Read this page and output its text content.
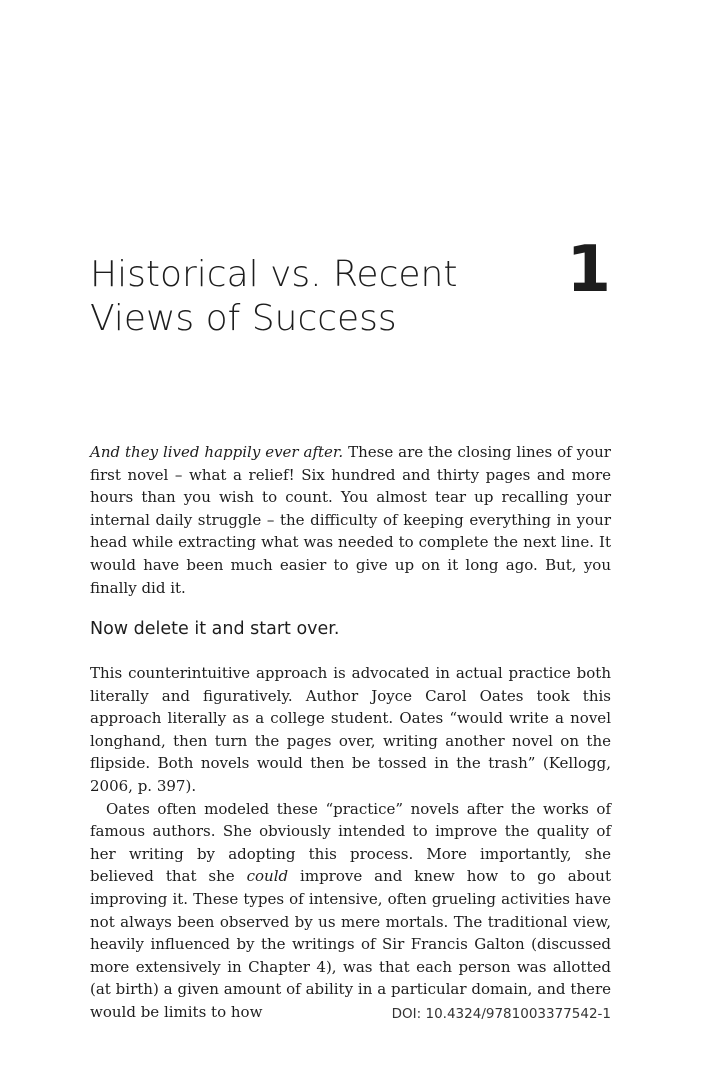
Historical vs. Recent
Views of Success
1

And they lived happily ever after. These are the closing lines of your first novel – what a relief! Six hundred and thirty pages and more hours than you wish to count. You almost tear up recalling your internal daily struggle – the difficulty of keeping everything in your head while extracting what was needed to complete the next line. It would have been much easier to give up on it long ago. But, you finally did it.

Now delete it and start over.

This counterintuitive approach is advocated in actual practice both literally and figuratively. Author Joyce Carol Oates took this approach literally as a college student. Oates “would write a novel longhand, then turn the pages over, writing another novel on the flipside. Both novels would then be tossed in the trash” (Kellogg, 2006, p. 397).

Oates often modeled these “practice” novels after the works of famous authors. She obviously intended to improve the quality of her writing by adopting this process. More importantly, she believed that she could improve and knew how to go about improving it. These types of intensive, often grueling activities have not always been observed by us mere mortals. The traditional view, heavily influenced by the writings of Sir Francis Galton (discussed more extensively in Chapter 4), was that each person was allotted (at birth) a given amount of ability in a particular domain, and there would be limits to how	DOI: 10.4324/9781003377542-1
